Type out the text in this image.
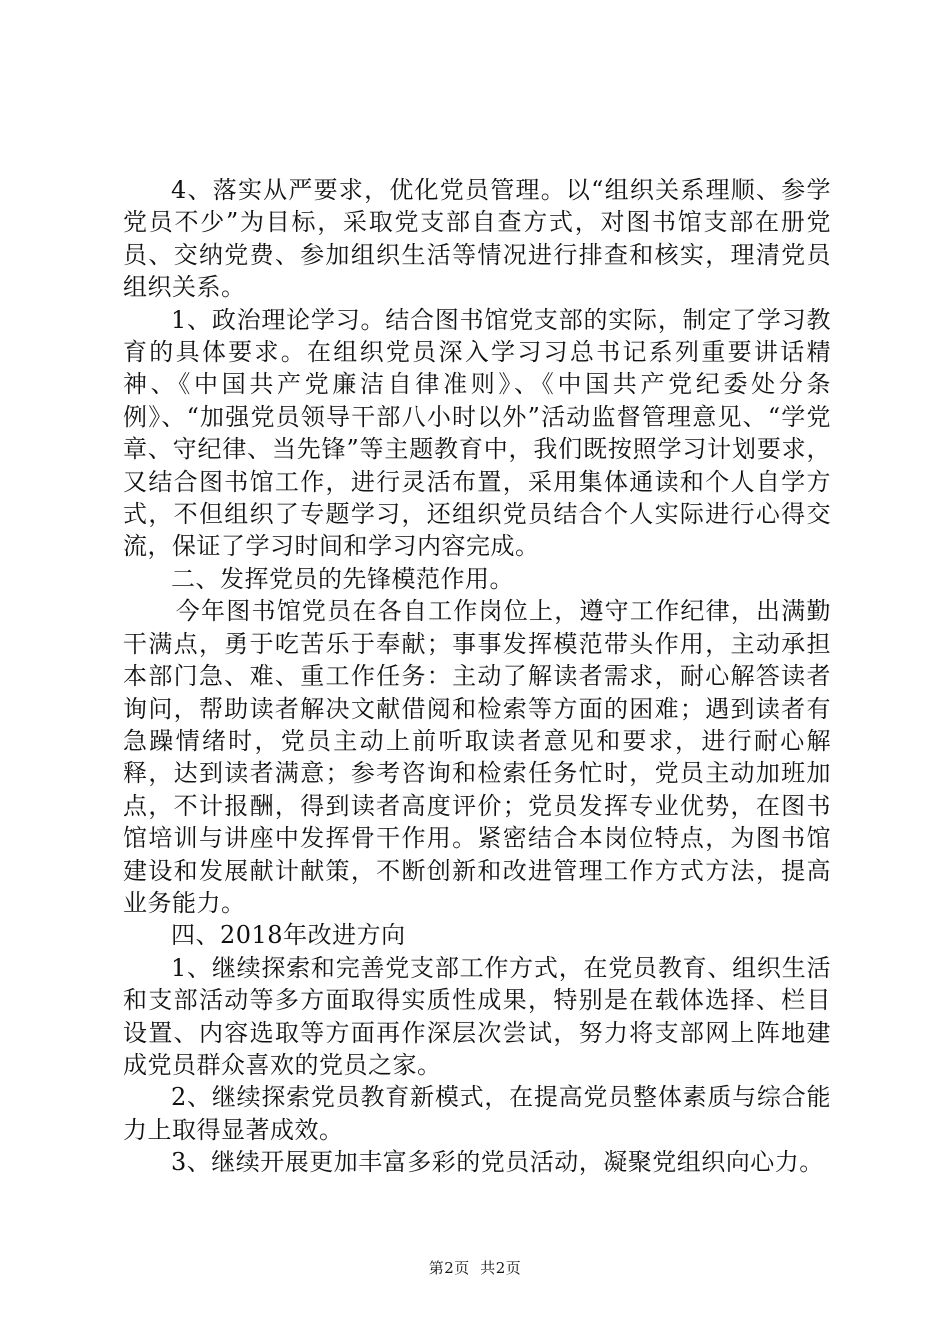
4、落实从严要求，优化党员管理。以“组织关系理顺、参学党员不少”为目标，采取党支部自查方式，对图书馆支部在册党员、交纳党费、参加组织生活等情况进行排查和核实，理清党员组织关系。

1、政治理论学习。结合图书馆党支部的实际，制定了学习教育的具体要求。在组织党员深入学习习总书记系列重要讲话精神、《中国共产党廉洁自律准则》、《中国共产党纪委处分条例》、“加强党员领导干部八小时以外”活动监督管理意见、“学党章、守纪律、当先锋”等主题教育中，我们既按照学习计划要求，又结合图书馆工作，进行灵活布置，采用集体通读和个人自学方式，不但组织了专题学习，还组织党员结合个人实际进行心得交流，保证了学习时间和学习内容完成。

二、发挥党员的先锋模范作用。

今年图书馆党员在各自工作岗位上，遵守工作纪律，出满勤干满点，勇于吃苦乐于奉献；事事发挥模范带头作用，主动承担本部门急、难、重工作任务：主动了解读者需求，耐心解答读者询问，帮助读者解决文献借阅和检索等方面的困难；遇到读者有急躁情绪时，党员主动上前听取读者意见和要求，进行耐心解释，达到读者满意；参考咨询和检索任务忙时，党员主动加班加点，不计报酬，得到读者高度评价；党员发挥专业优势，在图书馆培训与讲座中发挥骨干作用。紧密结合本岗位特点，为图书馆建设和发展献计献策，不断创新和改进管理工作方式方法，提高业务能力。

四、2018年改进方向

1、继续探索和完善党支部工作方式，在党员教育、组织生活和支部活动等多方面取得实质性成果，特别是在载体选择、栏目设置、内容选取等方面再作深层次尝试，努力将支部网上阵地建成党员群众喜欢的党员之家。

2、继续探索党员教育新模式，在提高党员整体素质与综合能力上取得显著成效。

3、继续开展更加丰富多彩的党员活动，凝聚党组织向心力。

第2页  共2页
